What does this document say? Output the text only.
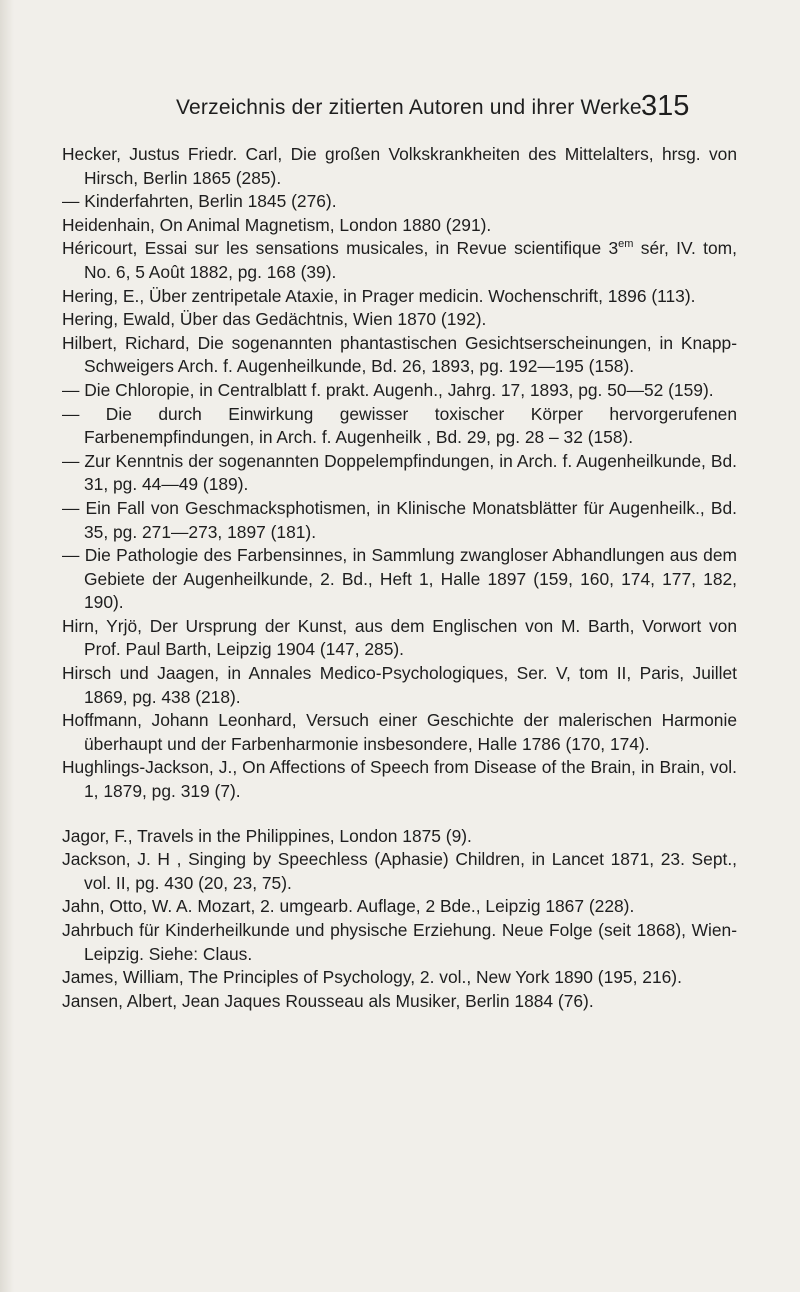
Verzeichnis der zitierten Autoren und ihrer Werke.
315
Hecker, Justus Friedr. Carl, Die großen Volkskrankheiten des Mittelalters, hrsg. von Hirsch, Berlin 1865 (285).
— Kinderfahrten, Berlin 1845 (276).
Heidenhain, On Animal Magnetism, London 1880 (291).
Héricourt, Essai sur les sensations musicales, in Revue scientifique $3^{em}$ sér, IV. tom, No. 6, 5 Août 1882, pg. 168 (39).
Hering, E., Über zentripetale Ataxie, in Prager medicin. Wochenschrift, 1896 (113).
Hering, Ewald, Über das Gedächtnis, Wien 1870 (192).
Hilbert, Richard, Die sogenannten phantastischen Gesichtserscheinungen, in Knapp-Schweigers Arch. f. Augenheilkunde, Bd. 26, 1893, pg. 192—195 (158).
— Die Chloropie, in Centralblatt f. prakt. Augenh., Jahrg. 17, 1893, pg. 50—52 (159).
— Die durch Einwirkung gewisser toxischer Körper hervorgerufenen Farbenempfindungen, in Arch. f. Augenheilk , Bd. 29, pg. 28 – 32 (158).
— Zur Kenntnis der sogenannten Doppelempfindungen, in Arch. f. Augenheilkunde, Bd. 31, pg. 44—49 (189).
— Ein Fall von Geschmacksphotismen, in Klinische Monatsblätter für Augenheilk., Bd. 35, pg. 271—273, 1897 (181).
— Die Pathologie des Farbensinnes, in Sammlung zwangloser Abhandlungen aus dem Gebiete der Augenheilkunde, 2. Bd., Heft 1, Halle 1897 (159, 160, 174, 177, 182, 190).
Hirn, Yrjö, Der Ursprung der Kunst, aus dem Englischen von M. Barth, Vorwort von Prof. Paul Barth, Leipzig 1904 (147, 285).
Hirsch und Jaagen, in Annales Medico-Psychologiques, Ser. V, tom II, Paris, Juillet 1869, pg. 438 (218).
Hoffmann, Johann Leonhard, Versuch einer Geschichte der malerischen Harmonie überhaupt und der Farbenharmonie insbesondere, Halle 1786 (170, 174).
Hughlings-Jackson, J., On Affections of Speech from Disease of the Brain, in Brain, vol. 1, 1879, pg. 319 (7).
Jagor, F., Travels in the Philippines, London 1875 (9).
Jackson, J. H , Singing by Speechless (Aphasie) Children, in Lancet 1871, 23. Sept., vol. II, pg. 430 (20, 23, 75).
Jahn, Otto, W. A. Mozart, 2. umgearb. Auflage, 2 Bde., Leipzig 1867 (228).
Jahrbuch für Kinderheilkunde und physische Erziehung. Neue Folge (seit 1868), Wien-Leipzig. Siehe: Claus.
James, William, The Principles of Psychology, 2. vol., New York 1890 (195, 216).
Jansen, Albert, Jean Jaques Rousseau als Musiker, Berlin 1884 (76).
